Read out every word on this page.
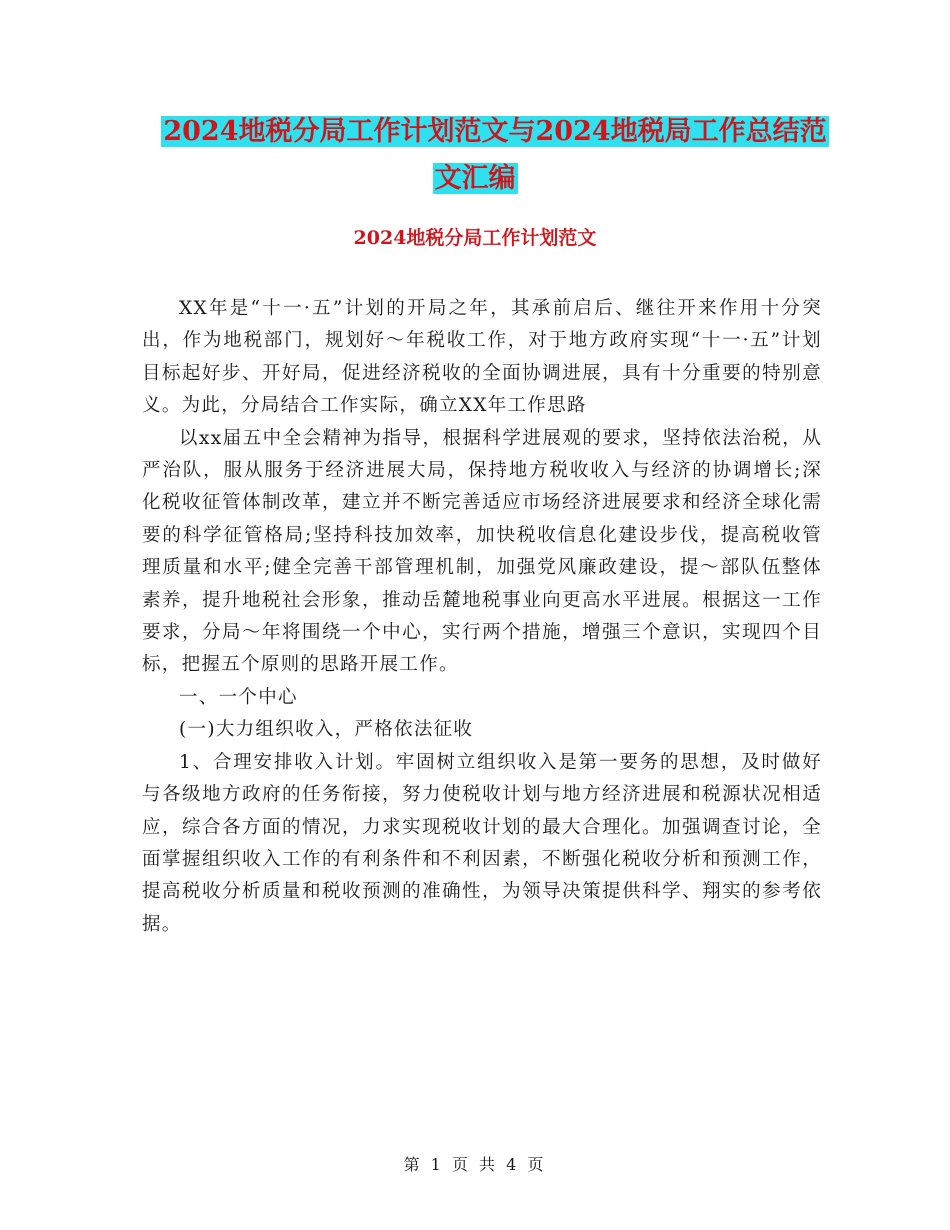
2024地税分局工作计划范文与2024地税局工作总结范
文汇编
2024地税分局工作计划范文

XX年是“十一·五”计划的开局之年，其承前启后、继往开来作用十分突出，作为地税部门，规划好～年税收工作，对于地方政府实现“十一·五”计划目标起好步、开好局，促进经济税收的全面协调进展，具有十分重要的特别意义。为此，分局结合工作实际，确立XX年工作思路

以xx届五中全会精神为指导，根据科学进展观的要求，坚持依法治税，从严治队，服从服务于经济进展大局，保持地方税收收入与经济的协调增长;深化税收征管体制改革，建立并不断完善适应市场经济进展要求和经济全球化需要的科学征管格局;坚持科技加效率，加快税收信息化建设步伐，提高税收管理质量和水平;健全完善干部管理机制，加强党风廉政建设，提～部队伍整体素养，提升地税社会形象，推动岳麓地税事业向更高水平进展。根据这一工作要求，分局～年将围绕一个中心，实行两个措施，增强三个意识，实现四个目标，把握五个原则的思路开展工作。

一、一个中心

(一)大力组织收入，严格依法征收

1、合理安排收入计划。牢固树立组织收入是第一要务的思想，及时做好与各级地方政府的任务衔接，努力使税收计划与地方经济进展和税源状况相适应，综合各方面的情况，力求实现税收计划的最大合理化。加强调查讨论，全面掌握组织收入工作的有利条件和不利因素，不断强化税收分析和预测工作，提高税收分析质量和税收预测的准确性，为领导决策提供科学、翔实的参考依据。

第 1 页 共 4 页
